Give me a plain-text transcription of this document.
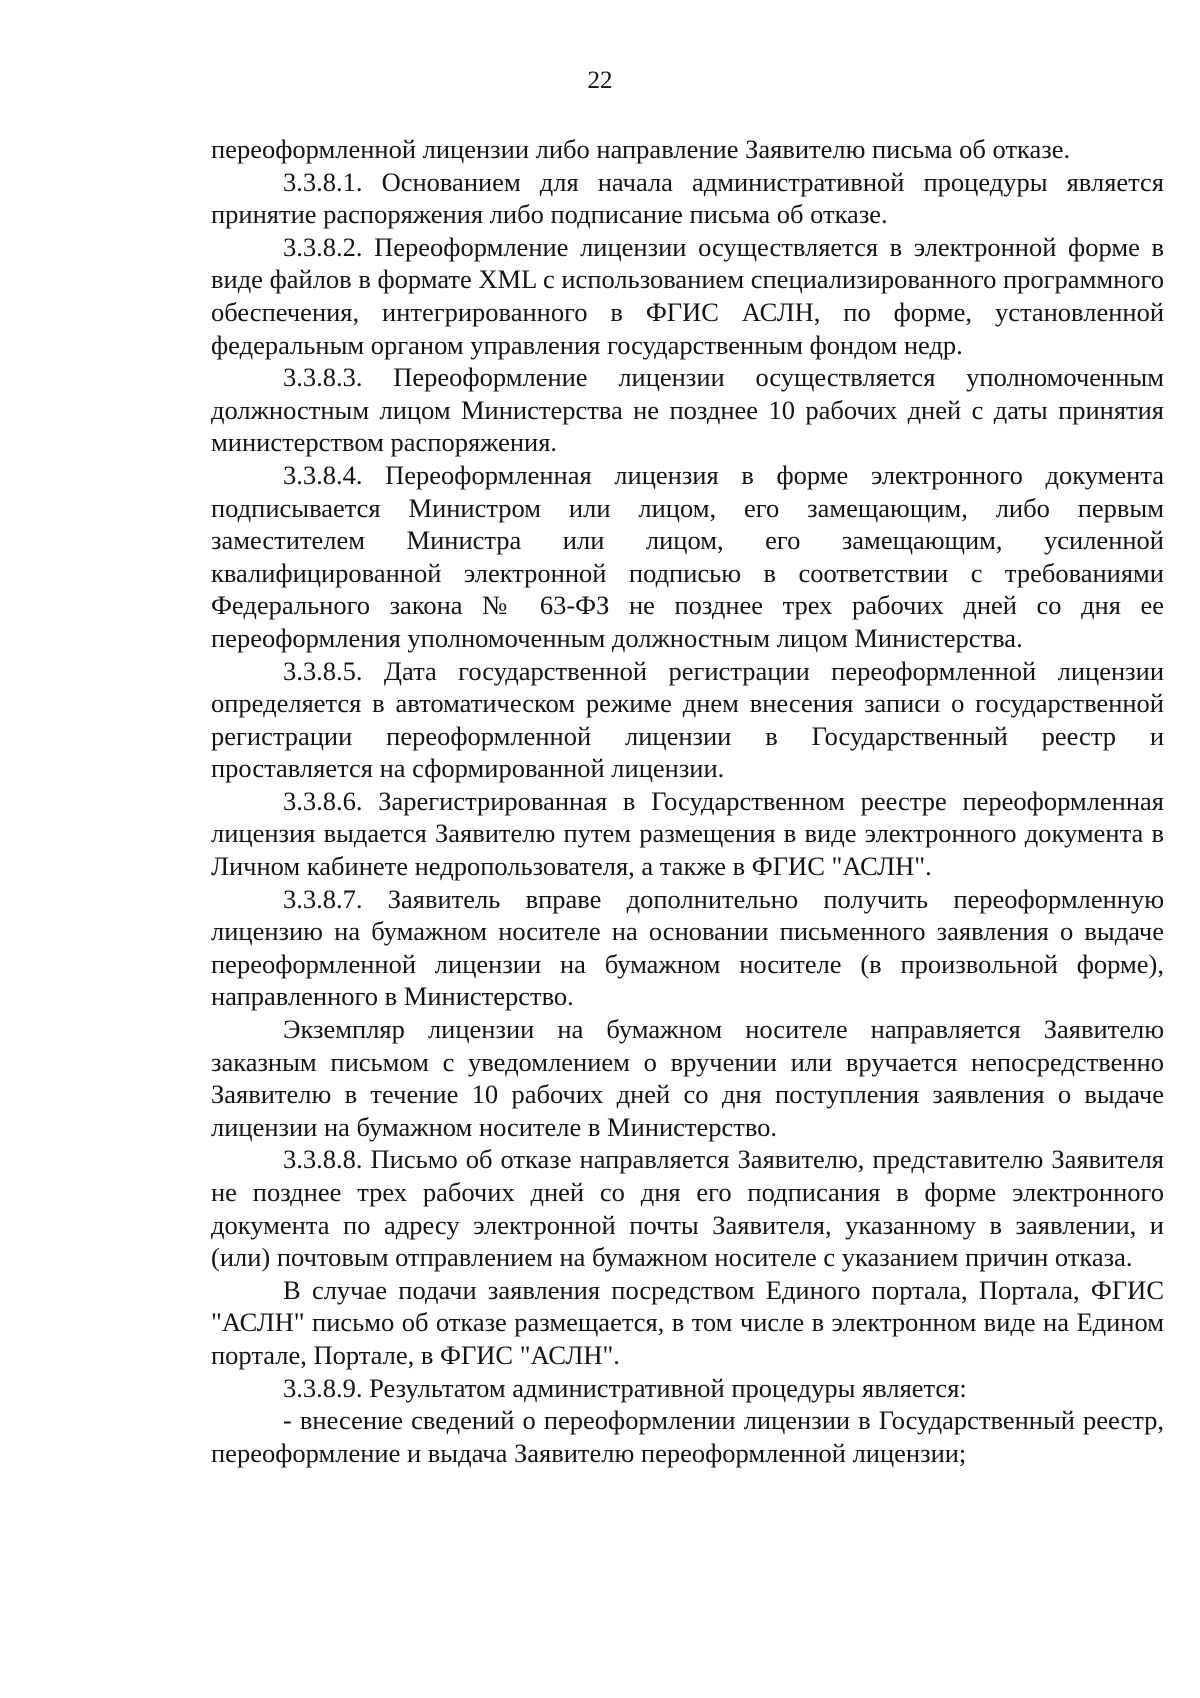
22

переоформленной лицензии либо направление Заявителю письма об отказе.

3.3.8.1. Основанием для начала административной процедуры является принятие распоряжения либо подписание письма об отказе.

3.3.8.2. Переоформление лицензии осуществляется в электронной форме в виде файлов в формате XML с использованием специализированного программного обеспечения, интегрированного в ФГИС АСЛН, по форме, установленной федеральным органом управления государственным фондом недр.

3.3.8.3. Переоформление лицензии осуществляется уполномоченным должностным лицом Министерства не позднее 10 рабочих дней с даты принятия министерством распоряжения.

3.3.8.4. Переоформленная лицензия в форме электронного документа подписывается Министром или лицом, его замещающим, либо первым заместителем Министра или лицом, его замещающим, усиленной квалифицированной электронной подписью в соответствии с требованиями Федерального закона № 63-ФЗ не позднее трех рабочих дней со дня ее переоформления уполномоченным должностным лицом Министерства.

3.3.8.5. Дата государственной регистрации переоформленной лицензии определяется в автоматическом режиме днем внесения записи о государственной регистрации переоформленной лицензии в Государственный реестр и проставляется на сформированной лицензии.

3.3.8.6. Зарегистрированная в Государственном реестре переоформленная лицензия выдается Заявителю путем размещения в виде электронного документа в Личном кабинете недропользователя, а также в ФГИС "АСЛН".

3.3.8.7. Заявитель вправе дополнительно получить переоформленную лицензию на бумажном носителе на основании письменного заявления о выдаче переоформленной лицензии на бумажном носителе (в произвольной форме), направленного в Министерство.

Экземпляр лицензии на бумажном носителе направляется Заявителю заказным письмом с уведомлением о вручении или вручается непосредственно Заявителю в течение 10 рабочих дней со дня поступления заявления о выдаче лицензии на бумажном носителе в Министерство.

3.3.8.8. Письмо об отказе направляется Заявителю, представителю Заявителя не позднее трех рабочих дней со дня его подписания в форме электронного документа по адресу электронной почты Заявителя, указанному в заявлении, и (или) почтовым отправлением на бумажном носителе с указанием причин отказа.

В случае подачи заявления посредством Единого портала, Портала, ФГИС "АСЛН" письмо об отказе размещается, в том числе в электронном виде на Едином портале, Портале, в ФГИС "АСЛН".

3.3.8.9. Результатом административной процедуры является:

- внесение сведений о переоформлении лицензии в Государственный реестр, переоформление и выдача Заявителю переоформленной лицензии;
